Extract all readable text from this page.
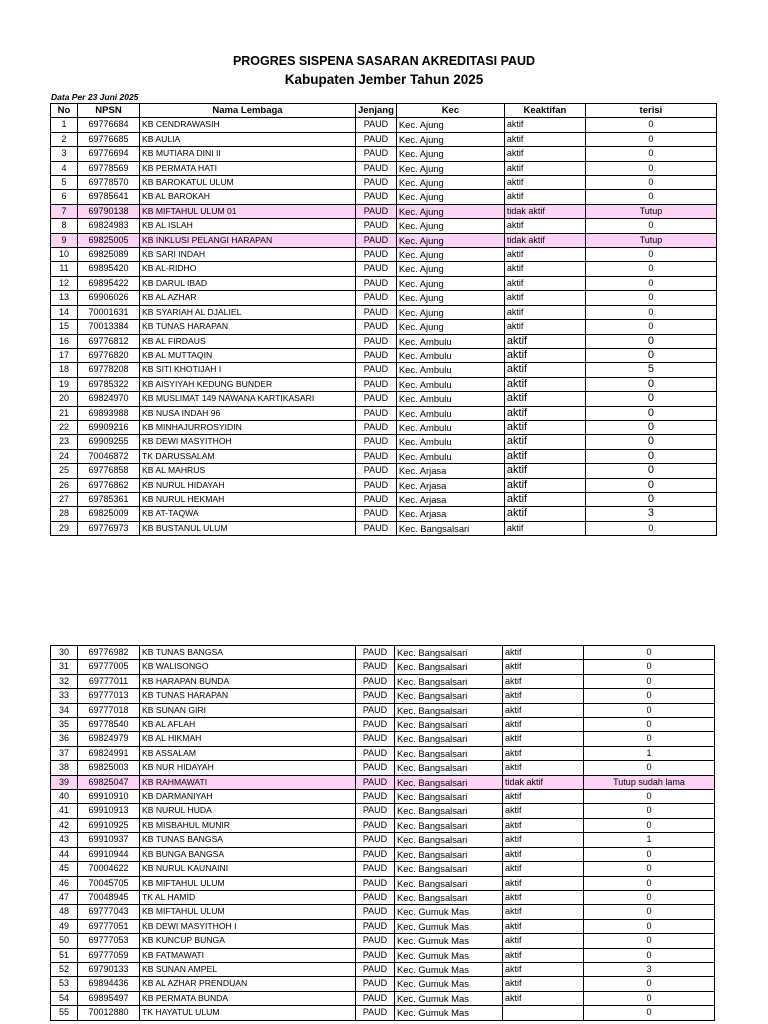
PROGRES SISPENA SASARAN AKREDITASI PAUD
Kabupaten Jember Tahun 2025
Data Per 23 Juni 2025
No	NPSN	Nama Lembaga	Jenjang	Kec	Keaktifan	terisi
1	69776684	KB CENDRAWASIH	PAUD	Kec. Ajung	aktif	0
2	69776685	KB AULIA	PAUD	Kec. Ajung	aktif	0
3	69776694	KB MUTIARA DINI II	PAUD	Kec. Ajung	aktif	0
4	69778569	KB PERMATA HATI	PAUD	Kec. Ajung	aktif	0
5	69778570	KB BAROKATUL ULUM	PAUD	Kec. Ajung	aktif	0
6	69785641	KB AL BAROKAH	PAUD	Kec. Ajung	aktif	0
7	69790138	KB MIFTAHUL ULUM 01	PAUD	Kec. Ajung	tidak aktif	Tutup
8	69824983	KB AL ISLAH	PAUD	Kec. Ajung	aktif	0
9	69825005	KB INKLUSI PELANGI HARAPAN	PAUD	Kec. Ajung	tidak aktif	Tutup
10	69825089	KB SARI INDAH	PAUD	Kec. Ajung	aktif	0
11	69895420	KB AL-RIDHO	PAUD	Kec. Ajung	aktif	0
12	69895422	KB DARUL IBAD	PAUD	Kec. Ajung	aktif	0
13	69906026	KB AL AZHAR	PAUD	Kec. Ajung	aktif	0
14	70001631	KB SYARIAH AL DJALIEL	PAUD	Kec. Ajung	aktif	0
15	70013384	KB TUNAS HARAPAN	PAUD	Kec. Ajung	aktif	0
16	69776812	KB AL FIRDAUS	PAUD	Kec. Ambulu	aktif	0
17	69776820	KB AL MUTTAQIN	PAUD	Kec. Ambulu	aktif	0
18	69778208	KB SITI KHOTIJAH I	PAUD	Kec. Ambulu	aktif	5
19	69785322	KB AISYIYAH KEDUNG BUNDER	PAUD	Kec. Ambulu	aktif	0
20	69824970	KB MUSLIMAT 149 NAWANA KARTIKASARI	PAUD	Kec. Ambulu	aktif	0
21	69893988	KB NUSA INDAH 96	PAUD	Kec. Ambulu	aktif	0
22	69909216	KB MINHAJURROSYIDIN	PAUD	Kec. Ambulu	aktif	0
23	69909255	KB DEWI MASYITHOH	PAUD	Kec. Ambulu	aktif	0
24	70046872	TK DARUSSALAM	PAUD	Kec. Ambulu	aktif	0
25	69776858	KB AL MAHRUS	PAUD	Kec. Arjasa	aktif	0
26	69776862	KB NURUL HIDAYAH	PAUD	Kec. Arjasa	aktif	0
27	69785361	KB NURUL HEKMAH	PAUD	Kec. Arjasa	aktif	0
28	69825009	KB AT-TAQWA	PAUD	Kec. Arjasa	aktif	3
29	69776973	KB BUSTANUL ULUM	PAUD	Kec. Bangsalsari	aktif	0
30	69776982	KB TUNAS BANGSA	PAUD	Kec. Bangsalsari	aktif	0
31	69777005	KB WALISONGO	PAUD	Kec. Bangsalsari	aktif	0
32	69777011	KB HARAPAN BUNDA	PAUD	Kec. Bangsalsari	aktif	0
33	69777013	KB TUNAS HARAPAN	PAUD	Kec. Bangsalsari	aktif	0
34	69777018	KB SUNAN GIRI	PAUD	Kec. Bangsalsari	aktif	0
35	69778540	KB AL AFLAH	PAUD	Kec. Bangsalsari	aktif	0
36	69824979	KB AL HIKMAH	PAUD	Kec. Bangsalsari	aktif	0
37	69824991	KB ASSALAM	PAUD	Kec. Bangsalsari	aktif	1
38	69825003	KB NUR HIDAYAH	PAUD	Kec. Bangsalsari	aktif	0
39	69825047	KB RAHMAWATI	PAUD	Kec. Bangsalsari	tidak aktif	Tutup sudah lama
40	69910910	KB DARMANIYAH	PAUD	Kec. Bangsalsari	aktif	0
41	69910913	KB NURUL HUDA	PAUD	Kec. Bangsalsari	aktif	0
42	69910925	KB MISBAHUL MUNIR	PAUD	Kec. Bangsalsari	aktif	0
43	69910937	KB TUNAS BANGSA	PAUD	Kec. Bangsalsari	aktif	1
44	69910944	KB BUNGA BANGSA	PAUD	Kec. Bangsalsari	aktif	0
45	70004622	KB NURUL KAUNAINI	PAUD	Kec. Bangsalsari	aktif	0
46	70045705	KB MIFTAHUL ULUM	PAUD	Kec. Bangsalsari	aktif	0
47	70048945	TK AL HAMID	PAUD	Kec. Bangsalsari	aktif	0
48	69777043	KB MIFTAHUL ULUM	PAUD	Kec. Gumuk Mas	aktif	0
49	69777051	KB DEWI MASYITHOH I	PAUD	Kec. Gumuk Mas	aktif	0
50	69777053	KB KUNCUP BUNGA	PAUD	Kec. Gumuk Mas	aktif	0
51	69777059	KB FATMAWATI	PAUD	Kec. Gumuk Mas	aktif	0
52	69790133	KB SUNAN AMPEL	PAUD	Kec. Gumuk Mas	aktif	3
53	69894436	KB AL AZHAR PRENDUAN	PAUD	Kec. Gumuk Mas	aktif	0
54	69895497	KB PERMATA BUNDA	PAUD	Kec. Gumuk Mas	aktif	0
55	70012880	TK HAYATUL ULUM	PAUD	Kec. Gumuk Mas		0
